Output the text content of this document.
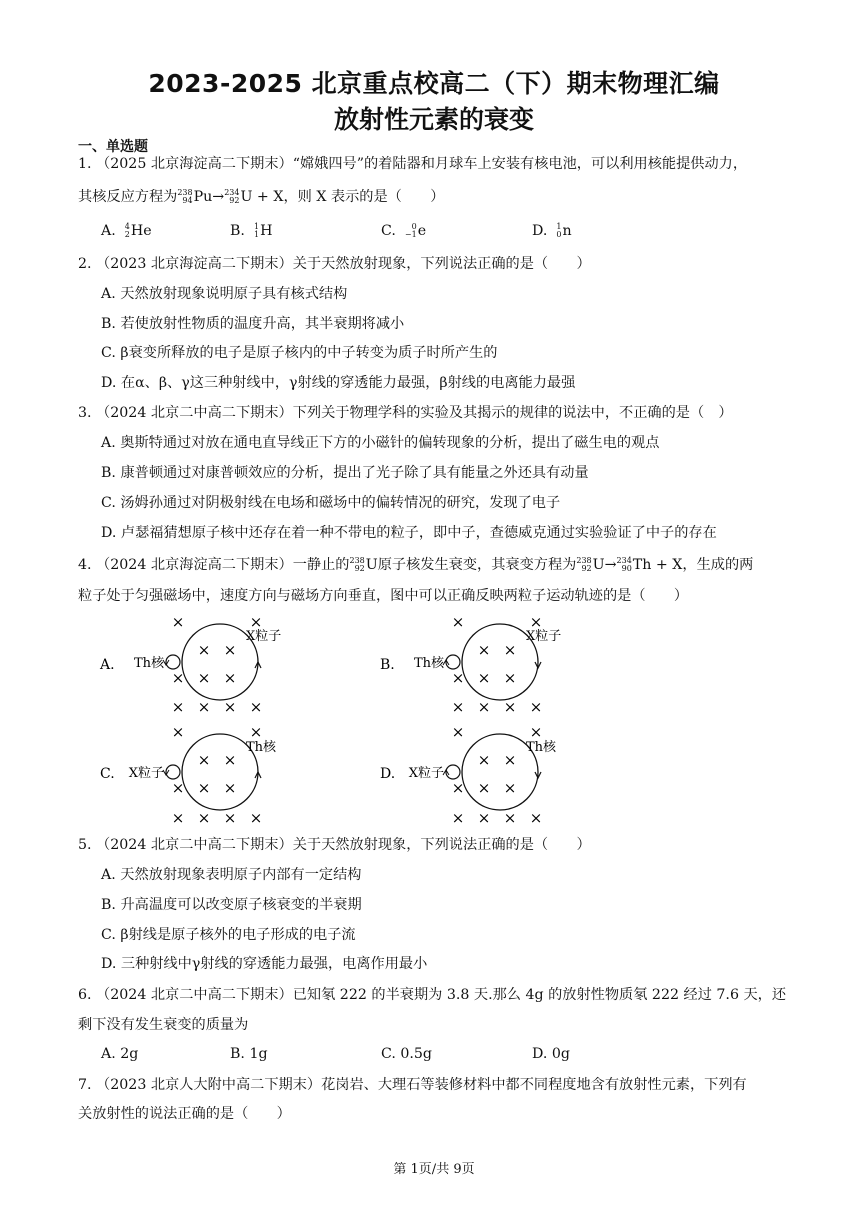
2023-2025 北京重点校高二（下）期末物理汇编
放射性元素的衰变
一、单选题
1. （2025 北京海淀高二下期末）“嫦娥四号”的着陆器和月球车上安装有核电池，可以利用核能提供动力，
其核反应方程为 238
94 Pu→ 234
92 U + X，则 X 表示的是（　　）
A. 4
2 He	B. 1
1 H	C.	0
−1 e	D. 1
0 n
2. （2023 北京海淀高二下期末）关于天然放射现象，下列说法正确的是（　　）
A. 天然放射现象说明原子具有核式结构
B. 若使放射性物质的温度升高，其半衰期将减小
C. β衰变所释放的电子是原子核内的中子转变为质子时所产生的
D. 在α、β、γ这三种射线中，γ射线的穿透能力最强，β射线的电离能力最强
3. （2024 北京二中高二下期末）下列关于物理学科的实验及其揭示的规律的说法中，不正确的是（　）
A. 奥斯特通过对放在通电直导线正下方的小磁针的偏转现象的分析，提出了磁生电的观点
B. 康普顿通过对康普顿效应的分析，提出了光子除了具有能量之外还具有动量
C. 汤姆孙通过对阴极射线在电场和磁场中的偏转情况的研究，发现了电子
D. 卢瑟福猜想原子核中还存在着一种不带电的粒子，即中子，查德威克通过实验验证了中子的存在
4. （2024 北京海淀高二下期末）一静止的 238
92 U原子核发生衰变，其衰变方程为 238
92 U→ 234
90 Th + X，生成的两
粒子处于匀强磁场中，速度方向与磁场方向垂直，图中可以正确反映两粒子运动轨迹的是（　　）
A. Th核
X粒子
×	×
× ×
× × ×
× × × ×
B. Th核
X粒子
×	×
× ×
× × ×
× × × ×
C. X粒子
Th核
×	×
× ×
× × ×
× × × ×
D. X粒子
Th核
×	×
× ×
× × ×
× × × ×
5. （2024 北京二中高二下期末）关于天然放射现象，下列说法正确的是（　　）
A. 天然放射现象表明原子内部有一定结构
B. 升高温度可以改变原子核衰变的半衰期
C. β射线是原子核外的电子形成的电子流
D. 三种射线中γ射线的穿透能力最强，电离作用最小
6. （2024 北京二中高二下期末）已知氡 222 的半衰期为 3.8 天.那么 4g 的放射性物质氡 222 经过 7.6 天，还
剩下没有发生衰变的质量为
A. 2g	B. 1g	C. 0.5g	D. 0g
7. （2023 北京人大附中高二下期末）花岗岩、大理石等装修材料中都不同程度地含有放射性元素，下列有
关放射性的说法正确的是（　　）
第 1页/共 9页
